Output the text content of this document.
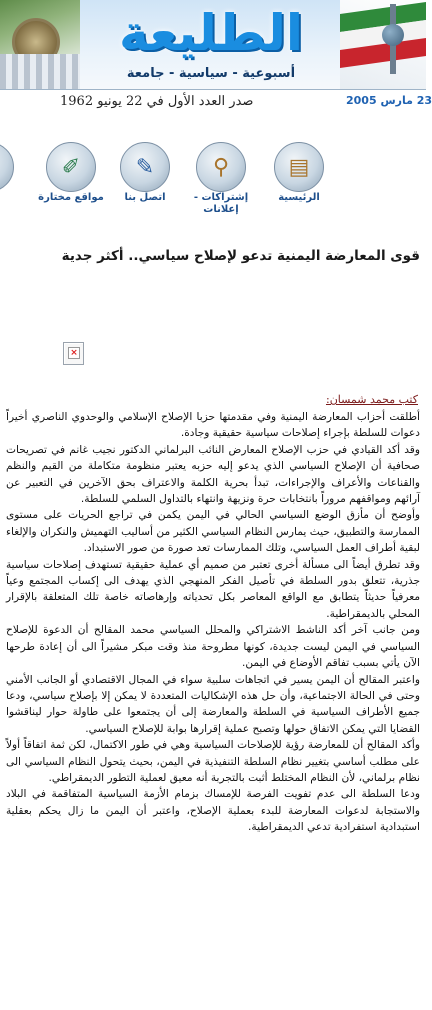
الطليعة
أسبوعية - سياسية - جامعة
23 مارس 2005
صدر العدد الأول في 22 يونيو 1962
▤
الرئيسية
⚲
إشتراكات - إعلانات
✎
اتصل بنا
✐
مواقع مختارة
قوى المعارضة اليمنية تدعو لإصلاح سياسي.. أكثر جدية
×
كتب محمد شمسان:

أطلقت أحزاب المعارضة اليمنية وفي مقدمتها حزبا الإصلاح الإسلامي والوحدوي الناصري أخيراً دعوات للسلطة بإجراء إصلاحات سياسية حقيقية وجادة.

وقد أكد القيادي في حزب الإصلاح المعارض النائب البرلماني الدكتور نجيب غانم في تصريحات صحافية أن الإصلاح السياسي الذي يدعو إليه حزبه يعتبر منظومة متكاملة من القيم والنظم والقناعات والأعراف والإجراءات، تبدأ بحرية الكلمة والاعتراف بحق الآخرين في التعبير عن آرائهم ومواقفهم مروراً بانتخابات حرة ونزيهة وانتهاء بالتداول السلمي للسلطة.

وأوضح أن مأزق الوضع السياسي الحالي في اليمن يكمن في تراجع الحريات على مستوى الممارسة والتطبيق، حيث يمارس النظام السياسي الكثير من أساليب التهميش والنكران والإلغاء لبقية أطراف العمل السياسي، وتلك الممارسات تعد صورة من صور الاستبداد.

وقد تطرق أيضاً الى مسألة أخرى تعتبر من صميم أي عملية حقيقية تستهدف إصلاحات سياسية جذرية، تتعلق بدور السلطة في تأصيل الفكر المنهجي الذي يهدف الى إكساب المجتمع وعياً معرفياً حديثاً يتطابق مع الواقع المعاصر بكل تحدياته وإرهاصاته خاصة تلك المتعلقة بالإقرار المحلي بالديمقراطية.

ومن جانب آخر أكد الناشط الاشتراكي والمحلل السياسي محمد المقالح أن الدعوة للإصلاح السياسي في اليمن ليست جديدة، كونها مطروحة منذ وقت مبكر مشيراً الى أن إعادة طرحها الآن يأتي بسبب تفاقم الأوضاع في اليمن.

واعتبر المقالح أن اليمن يسير في اتجاهات سلبية سواء في المجال الاقتصادي أو الجانب الأمني وحتى في الحالة الاجتماعية، وأن حل هذه الإشكاليات المتعددة لا يمكن إلا بإصلاح سياسي، ودعا جميع الأطراف السياسية في السلطة والمعارضة إلى أن يجتمعوا على طاولة حوار ليناقشوا القضايا التي يمكن الاتفاق حولها وتصبح عملية إقرارها بوابة للإصلاح السياسي.

وأكد المقالح أن للمعارضة رؤية للإصلاحات السياسية وهي في طور الاكتمال، لكن ثمة اتفاقاً أولاً على مطلب أساسي بتغيير نظام السلطة التنفيذية في اليمن، بحيث يتحول النظام السياسي الى نظام برلماني، لأن النظام المختلط أثبت بالتجربة أنه معيق لعملية التطور الديمقراطي.

ودعا السلطة الى عدم تفويت الفرصة للإمساك بزمام الأزمة السياسية المتفاقمة في البلاد والاستجابة لدعوات المعارضة للبدء بعملية الإصلاح، واعتبر أن اليمن ما زال يحكم بعقلية استبدادية استفرادية تدعي الديمقراطية.
